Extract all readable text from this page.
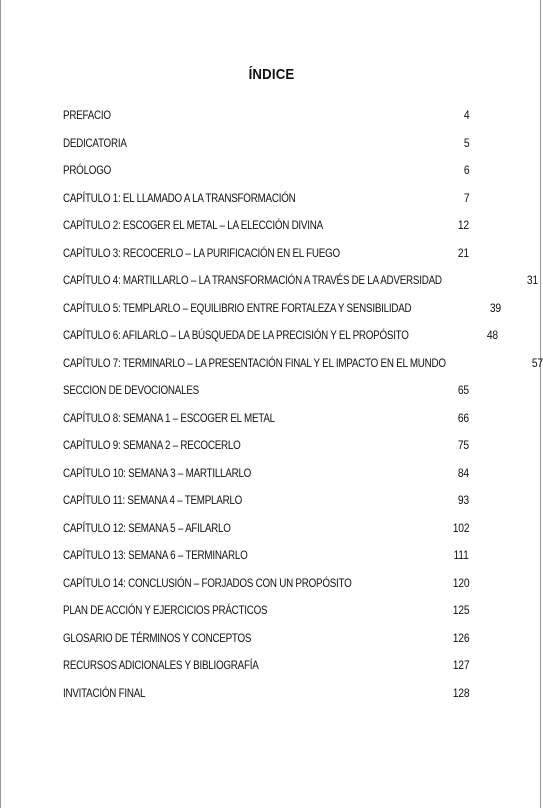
ÍNDICE
PREFACIO	4
DEDICATORIA	5
PRÓLOGO	6
CAPÍTULO 1: EL LLAMADO A LA TRANSFORMACIÓN	7
CAPÍTULO 2: ESCOGER EL METAL – LA ELECCIÓN DIVINA	12
CAPÍTULO 3: RECOCERLO – LA PURIFICACIÓN EN EL FUEGO	21
CAPÍTULO 4: MARTILLARLO – LA TRANSFORMACIÓN A TRAVÉS DE LA ADVERSIDAD	31
CAPÍTULO 5: TEMPLARLO – EQUILIBRIO ENTRE FORTALEZA Y SENSIBILIDAD	39
CAPÍTULO 6: AFILARLO – LA BÚSQUEDA DE LA PRECISIÓN Y EL PROPÓSITO	48
CAPÍTULO 7: TERMINARLO – LA PRESENTACIÓN FINAL Y EL IMPACTO EN EL MUNDO	57
SECCION DE DEVOCIONALES	65
CAPÍTULO 8: SEMANA 1 – ESCOGER EL METAL	66
CAPÍTULO 9: SEMANA 2 – RECOCERLO	75
CAPÍTULO 10: SEMANA 3 – MARTILLARLO	84
CAPÍTULO 11: SEMANA 4 – TEMPLARLO	93
CAPÍTULO 12: SEMANA 5 – AFILARLO	102
CAPÍTULO 13: SEMANA 6 – TERMINARLO	111
CAPÍTULO 14: CONCLUSIÓN – FORJADOS CON UN PROPÓSITO	120
PLAN DE ACCIÓN Y EJERCICIOS PRÁCTICOS	125
GLOSARIO DE TÉRMINOS Y CONCEPTOS	126
RECURSOS ADICIONALES Y BIBLIOGRAFÍA	127
INVITACIÓN FINAL	128
